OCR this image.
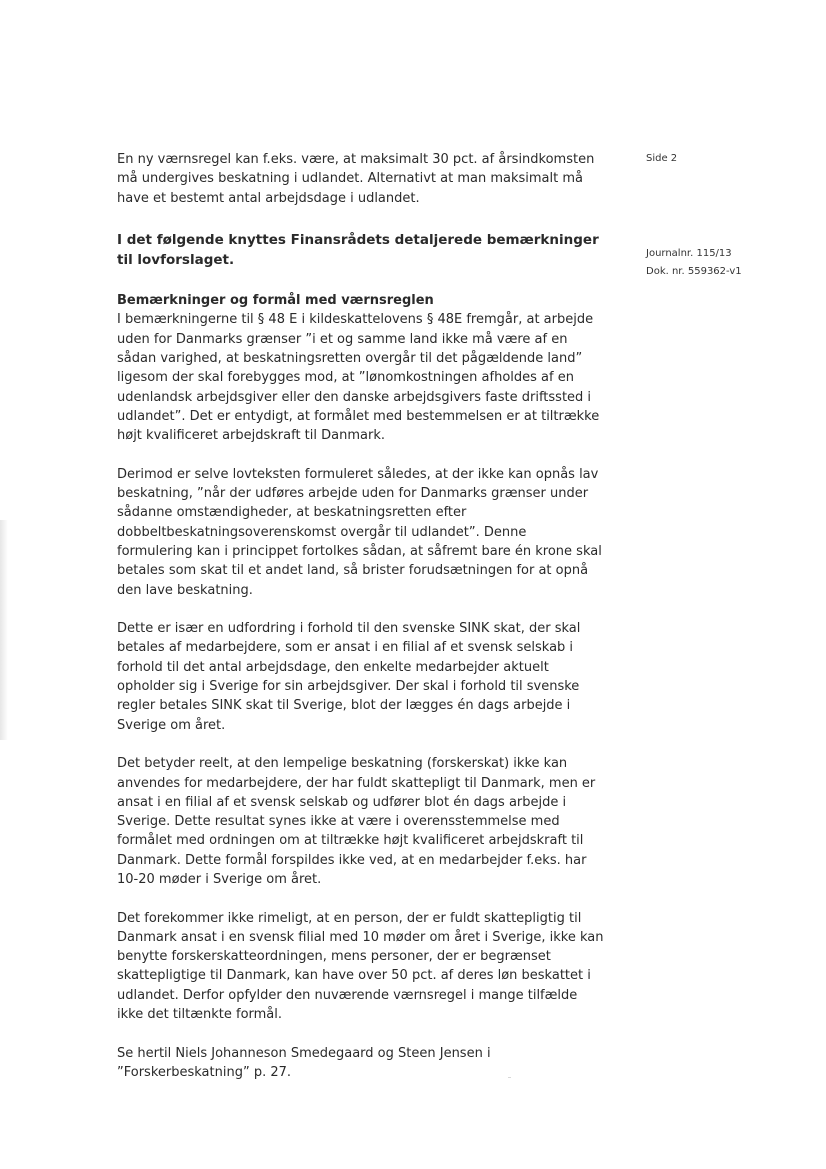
Side 2
Journalnr. 115/13
Dok. nr. 559362-v1

En ny værnsregel kan f.eks. være, at maksimalt 30 pct. af årsindkomsten må undergives beskatning i udlandet. Alternativt at man maksimalt må have et bestemt antal arbejdsdage i udlandet.

I det følgende knyttes Finansrådets detaljerede bemærkninger til lovforslaget.

Bemærkninger og formål med værnsreglen

I bemærkningerne til § 48 E i kildeskattelovens § 48E fremgår, at arbejde uden for Danmarks grænser ”i et og samme land ikke må være af en sådan varighed, at beskatningsretten overgår til det pågældende land” ligesom der skal forebygges mod, at ”lønomkostningen afholdes af en udenlandsk arbejdsgiver eller den danske arbejdsgivers faste driftssted i udlandet”. Det er entydigt, at formålet med bestemmelsen er at tiltrække højt kvalificeret arbejdskraft til Danmark.

Derimod er selve lovteksten formuleret således, at der ikke kan opnås lav beskatning, ”når der udføres arbejde uden for Danmarks grænser under sådanne omstændigheder, at beskatningsretten efter dobbeltbeskatningsoverenskomst overgår til udlandet”. Denne formulering kan i princippet fortolkes sådan, at såfremt bare én krone skal betales som skat til et andet land, så brister forudsætningen for at opnå den lave beskatning.

Dette er især en udfordring i forhold til den svenske SINK skat, der skal betales af medarbejdere, som er ansat i en filial af et svensk selskab i forhold til det antal arbejdsdage, den enkelte medarbejder aktuelt opholder sig i Sverige for sin arbejdsgiver. Der skal i forhold til svenske regler betales SINK skat til Sverige, blot der lægges én dags arbejde i Sverige om året.

Det betyder reelt, at den lempelige beskatning (forskerskat) ikke kan anvendes for medarbejdere, der har fuldt skattepligt til Danmark, men er ansat i en filial af et svensk selskab og udfører blot én dags arbejde i Sverige. Dette resultat synes ikke at være i overensstemmelse med formålet med ordningen om at tiltrække højt kvalificeret arbejdskraft til Danmark. Dette formål forspildes ikke ved, at en medarbejder f.eks. har 10-20 møder i Sverige om året.

Det forekommer ikke rimeligt, at en person, der er fuldt skattepligtig til Danmark ansat i en svensk filial med 10 møder om året i Sverige, ikke kan benytte forskerskatteordningen, mens personer, der er begrænset skattepligtige til Danmark, kan have over 50 pct. af deres løn beskattet i udlandet. Derfor opfylder den nuværende værnsregel i mange tilfælde ikke det tiltænkte formål.

Se hertil Niels Johanneson Smedegaard og Steen Jensen i ”Forskerbeskatning” p. 27.
